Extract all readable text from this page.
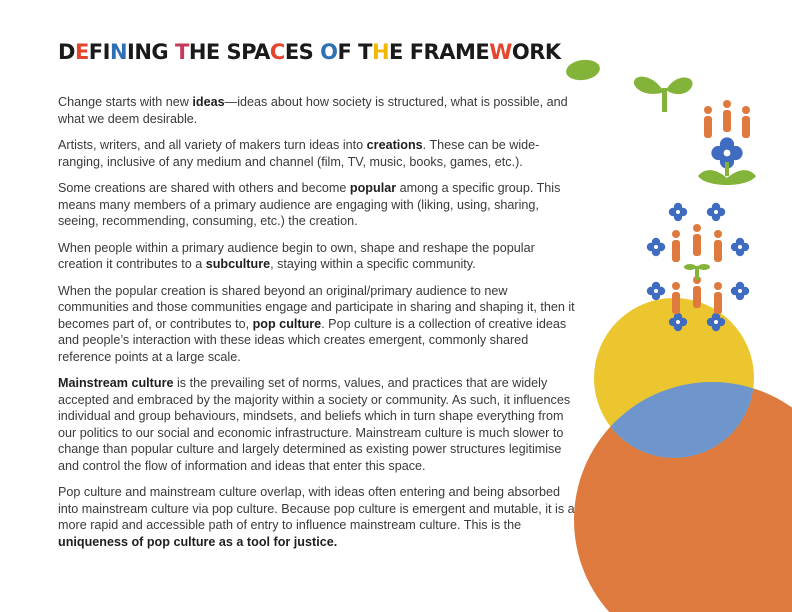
DEFINING THE SPACES OF THE FRAMEWORK

Change starts with new ideas—ideas about how society is structured, what is possible, and what we deem desirable.

Artists, writers, and all variety of makers turn ideas into creations. These can be wide-ranging, inclusive of any medium and channel (film, TV, music, books, games, etc.).

Some creations are shared with others and become popular among a specific group. This means many members of a primary audience are engaging with (liking, using, sharing, seeing, recommending, consuming, etc.) the creation.

When people within a primary audience begin to own, shape and reshape the popular creation it contributes to a subculture, staying within a specific community.

When the popular creation is shared beyond an original/primary audience to new communities and those communities engage and participate in sharing and shaping it, then it becomes part of, or contributes to, pop culture. Pop culture is a collection of creative ideas and people’s interaction with these ideas which creates emergent, commonly shared reference points at a large scale.

Mainstream culture is the prevailing set of norms, values, and practices that are widely accepted and embraced by the majority within a society or community. As such, it influences individual and group behaviours, mindsets, and beliefs which in turn shape everything from our politics to our social and economic infrastructure. Mainstream culture is much slower to change than popular culture and largely determined as existing power structures legitimise and control the flow of information and ideas that enter this space.

Pop culture and mainstream culture overlap, with ideas often entering and being absorbed into mainstream culture via pop culture. Because pop culture is emergent and mutable, it is a more rapid and accessible path of entry to influence mainstream culture. This is the uniqueness of pop culture as a tool for justice.
